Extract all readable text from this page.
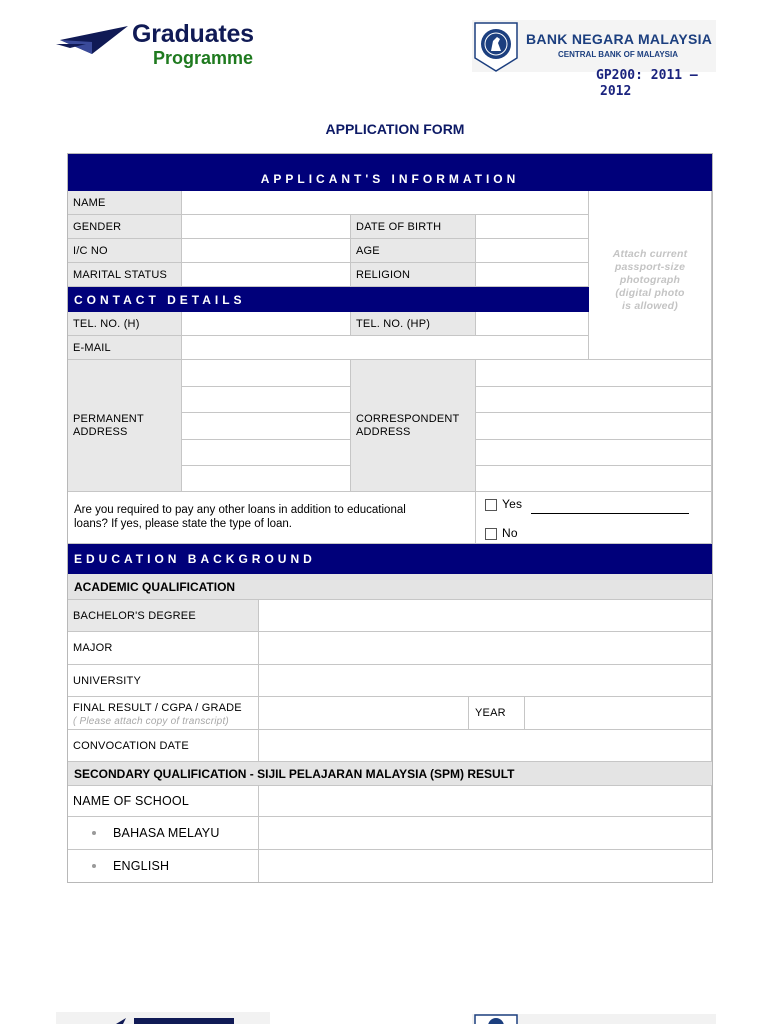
Graduates
Programme
BANK NEGARA MALAYSIA
CENTRAL BANK OF MALAYSIA
GP200: 2011 –
2012
APPLICATION FORM
APPLICANT'S INFORMATION
NAME
GENDER	DATE OF BIRTH
I/C NO	AGE
MARITAL STATUS	RELIGION
CONTACT DETAILS
Attach current
passport-size
photograph
(digital photo
is allowed)
TEL. NO. (H)	TEL. NO. (HP)
E-MAIL
PERMANENT
ADDRESS
CORRESPONDENT
ADDRESS
Are you required to pay any other loans in addition to educational
loans? If yes, please state the type of loan.
Yes
No
EDUCATION BACKGROUND
ACADEMIC QUALIFICATION
BACHELOR'S DEGREE
MAJOR
UNIVERSITY
FINAL RESULT / CGPA / GRADE
( Please attach copy of transcript)
YEAR
CONVOCATION DATE
SECONDARY QUALIFICATION - SIJIL PELAJARAN MALAYSIA (SPM) RESULT
NAME OF SCHOOL
BAHASA MELAYU
ENGLISH
